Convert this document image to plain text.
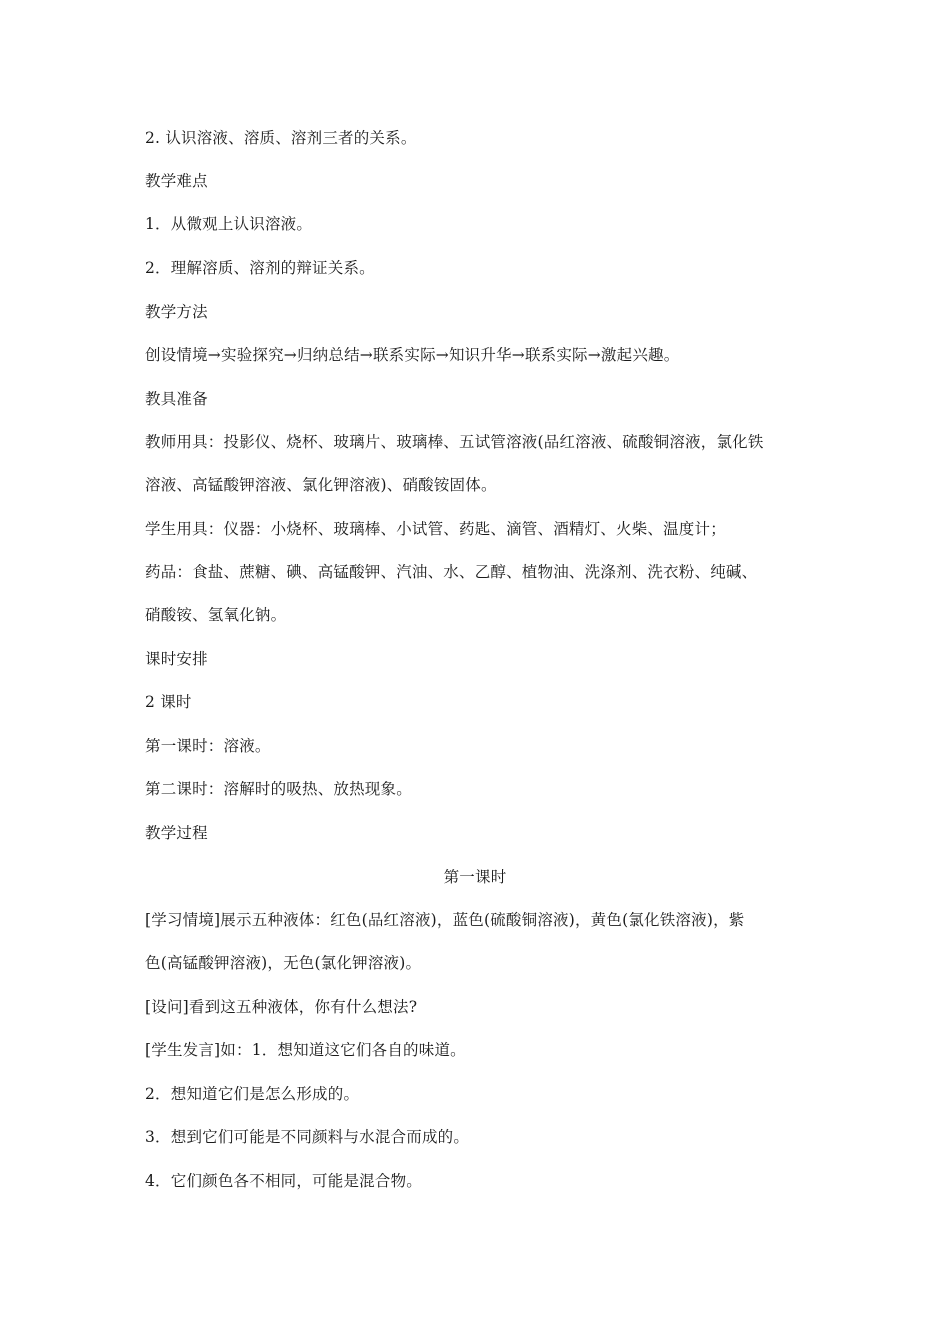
2. 认识溶液、溶质、溶剂三者的关系。
教学难点
1．从微观上认识溶液。
2．理解溶质、溶剂的辩证关系。
教学方法
创设情境→实验探究→归纳总结→联系实际→知识升华→联系实际→激起兴趣。
教具准备
教师用具：投影仪、烧杯、玻璃片、玻璃棒、五试管溶液(品红溶液、硫酸铜溶液，氯化铁
溶液、高锰酸钾溶液、氯化钾溶液)、硝酸铵固体。
学生用具：仪器：小烧杯、玻璃棒、小试管、药匙、滴管、酒精灯、火柴、温度计；
药品：食盐、蔗糖、碘、高锰酸钾、汽油、水、乙醇、植物油、洗涤剂、洗衣粉、纯碱、
硝酸铵、氢氧化钠。
课时安排
2 课时
第一课时：溶液。
第二课时：溶解时的吸热、放热现象。
教学过程
第一课时
[学习情境]展示五种液体：红色(品红溶液)，蓝色(硫酸铜溶液)，黄色(氯化铁溶液)，紫
色(高锰酸钾溶液)，无色(氯化钾溶液)。
[设问]看到这五种液体，你有什么想法?
[学生发言]如：1．想知道这它们各自的味道。
2．想知道它们是怎么形成的。
3．想到它们可能是不同颜料与水混合而成的。
4．它们颜色各不相同，可能是混合物。
